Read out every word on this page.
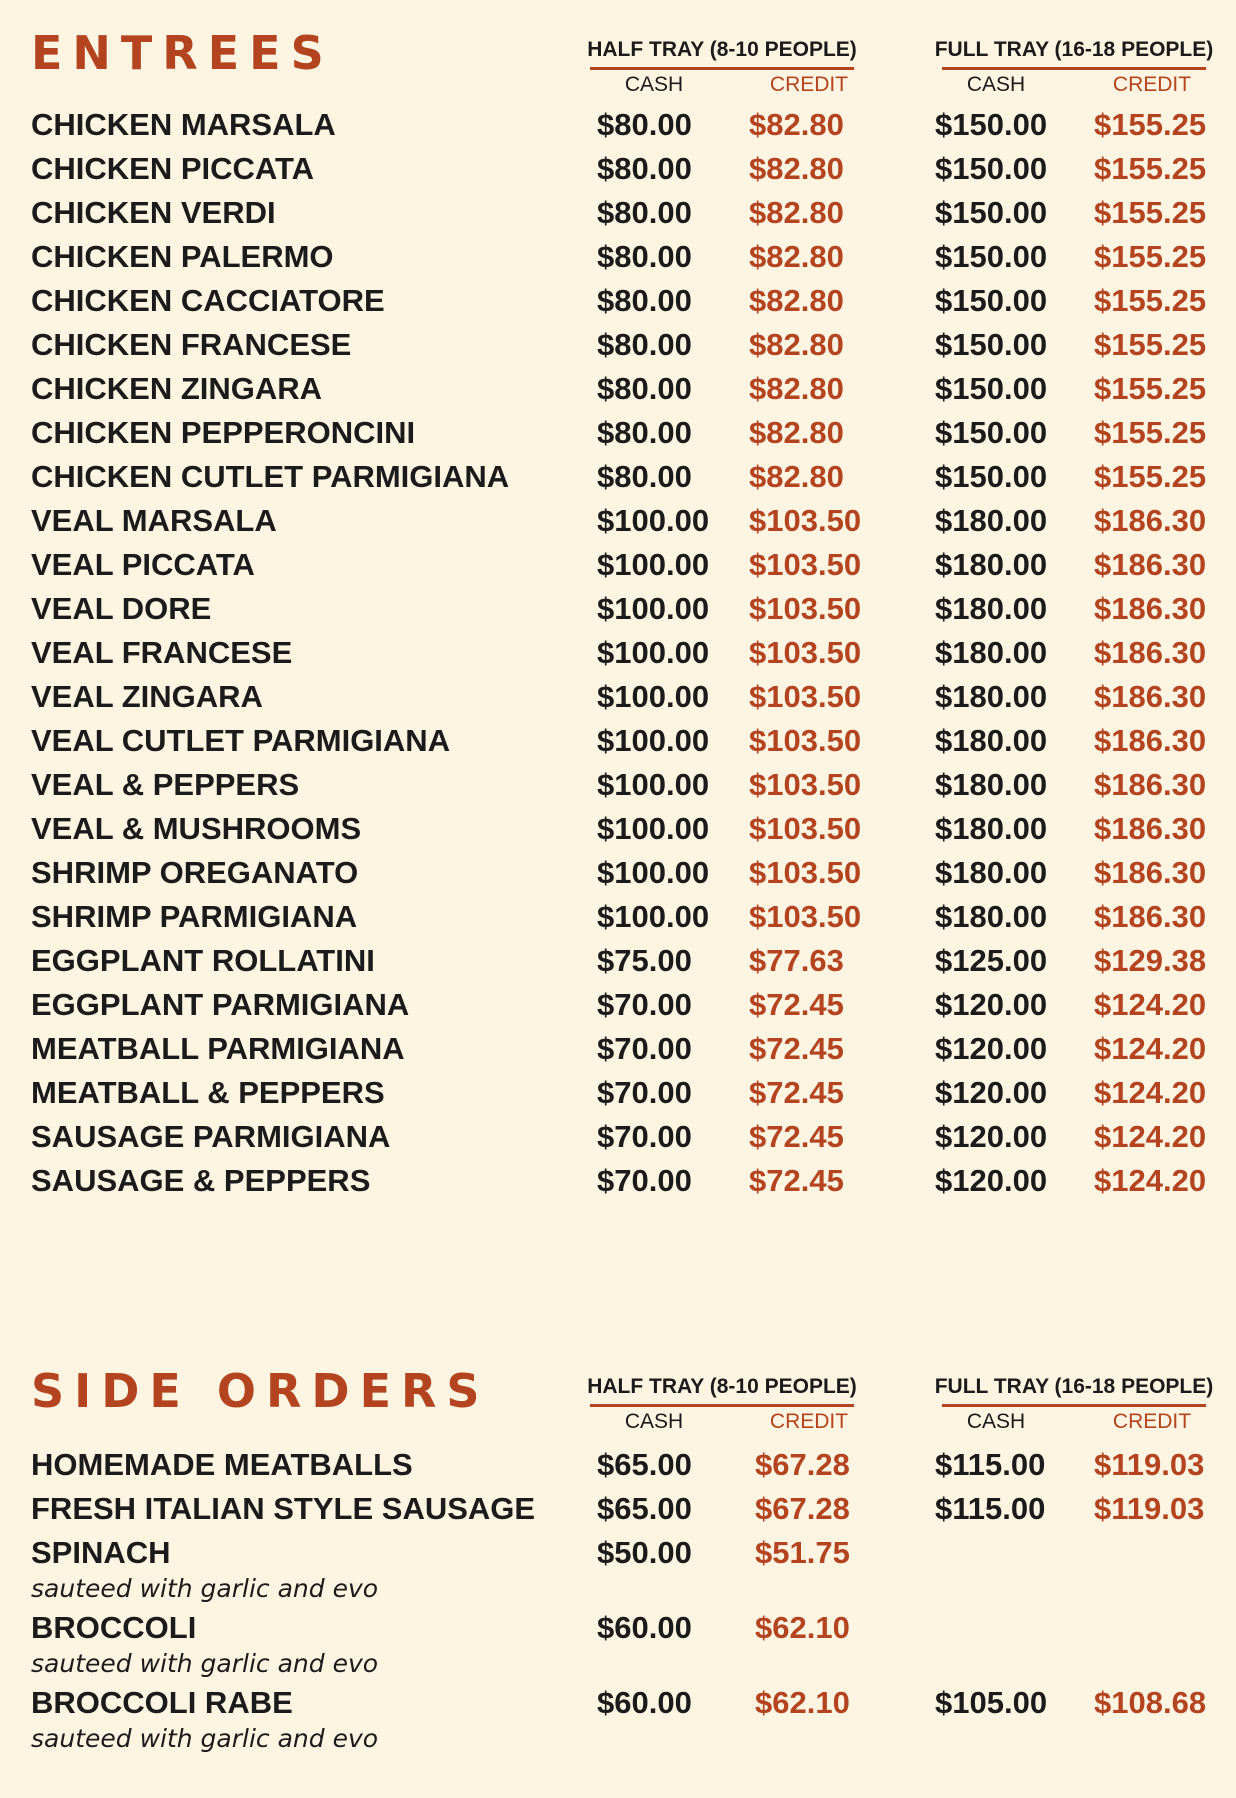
ENTREES	HALF TRAY (8-10 PEOPLE)	FULL TRAY (16-18 PEOPLE)
CASH	CREDIT	CASH	CREDIT
CHICKEN MARSALA	$80.00 $82.80	$150.00 $155.25
CHICKEN PICCATA	$80.00 $82.80	$150.00 $155.25
CHICKEN VERDI	$80.00 $82.80	$150.00 $155.25
CHICKEN PALERMO	$80.00 $82.80	$150.00 $155.25
CHICKEN CACCIATORE	$80.00 $82.80	$150.00 $155.25
CHICKEN FRANCESE	$80.00 $82.80	$150.00 $155.25
CHICKEN ZINGARA	$80.00 $82.80	$150.00 $155.25
CHICKEN PEPPERONCINI	$80.00 $82.80	$150.00 $155.25
CHICKEN CUTLET PARMIGIANA	$80.00 $82.80	$150.00 $155.25
VEAL MARSALA	$100.00 $103.50 $180.00 $186.30
VEAL PICCATA	$100.00 $103.50 $180.00 $186.30
VEAL DORE	$100.00 $103.50 $180.00 $186.30
VEAL FRANCESE	$100.00 $103.50 $180.00 $186.30
VEAL ZINGARA	$100.00 $103.50 $180.00 $186.30
VEAL CUTLET PARMIGIANA	$100.00 $103.50 $180.00 $186.30
VEAL & PEPPERS	$100.00 $103.50 $180.00 $186.30
VEAL & MUSHROOMS	$100.00 $103.50 $180.00 $186.30
SHRIMP OREGANATO	$100.00 $103.50 $180.00 $186.30
SHRIMP PARMIGIANA	$100.00 $103.50 $180.00 $186.30
EGGPLANT ROLLATINI	$75.00 $77.63	$125.00 $129.38
EGGPLANT PARMIGIANA	$70.00 $72.45	$120.00 $124.20
MEATBALL PARMIGIANA	$70.00 $72.45	$120.00 $124.20
MEATBALL & PEPPERS	$70.00 $72.45	$120.00 $124.20
SAUSAGE PARMIGIANA	$70.00 $72.45	$120.00 $124.20
SAUSAGE & PEPPERS	$70.00 $72.45	$120.00 $124.20
SIDE ORDERS	HALF TRAY (8-10 PEOPLE)	FULL TRAY (16-18 PEOPLE)
CASH	CREDIT	CASH	CREDIT
HOMEMADE MEATBALLS	$65.00 $67.28	$115.00 $119.03
FRESH ITALIAN STYLE SAUSAGE $65.00 $67.28	$115.00 $119.03
SPINACH	$50.00 $51.75
sauteed with garlic and evo
BROCCOLI	$60.00 $62.10
sauteed with garlic and evo
BROCCOLI RABE	$60.00 $62.10	$105.00 $108.68
sauteed with garlic and evo
